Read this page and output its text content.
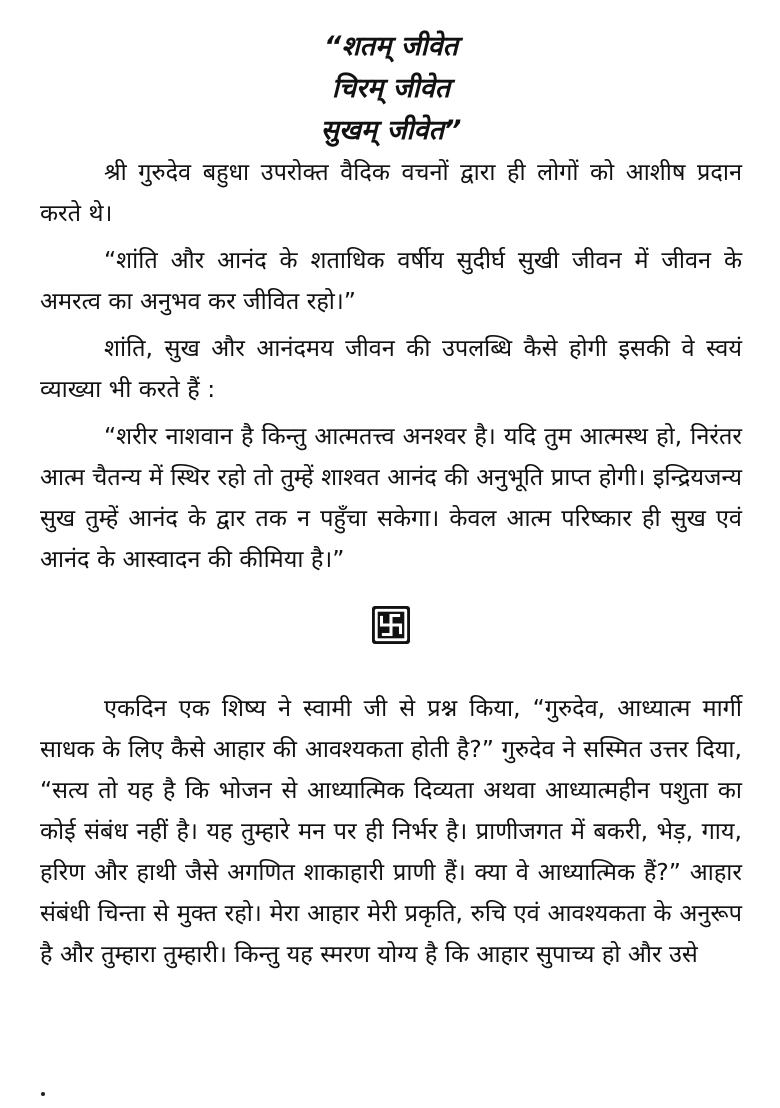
“शतम् जीवेत

चिरम् जीवेत

सुखम् जीवेत”

श्री गुरुदेव बहुधा उपरोक्त वैदिक वचनों द्वारा ही लोगों को आशीष प्रदान करते थे।

“शांति और आनंद के शताधिक वर्षीय सुदीर्घ सुखी जीवन में जीवन के अमरत्व का अनुभव कर जीवित रहो।”

शांति, सुख और आनंदमय जीवन की उपलब्धि कैसे होगी इसकी वे स्वयं व्याख्या भी करते हैं :

“शरीर नाशवान है किन्तु आत्मतत्त्व अनश्वर है। यदि तुम आत्मस्थ हो, निरंतर आत्म चैतन्य में स्थिर रहो तो तुम्हें शाश्वत आनंद की अनुभूति प्राप्त होगी। इन्द्रियजन्य सुख तुम्हें आनंद के द्वार तक न पहुँचा सकेगा। केवल आत्म परिष्कार ही सुख एवं आनंद के आस्वादन की कीमिया है।”

एकदिन एक शिष्य ने स्वामी जी से प्रश्न किया, “गुरुदेव, आध्यात्म मार्गी साधक के लिए कैसे आहार की आवश्यकता होती है?” गुरुदेव ने सस्मित उत्तर दिया, “सत्य तो यह है कि भोजन से आध्यात्मिक दिव्यता अथवा आध्यात्महीन पशुता का कोई संबंध नहीं है। यह तुम्हारे मन पर ही निर्भर है। प्राणीजगत में बकरी, भेड़, गाय, हरिण और हाथी जैसे अगणित शाकाहारी प्राणी हैं। क्या वे आध्यात्मिक हैं?” आहार संबंधी चिन्ता से मुक्त रहो। मेरा आहार मेरी प्रकृति, रुचि एवं आवश्यकता के अनुरूप है और तुम्हारा तुम्हारी। किन्तु यह स्मरण योग्य है कि आहार सुपाच्य हो और उसे
